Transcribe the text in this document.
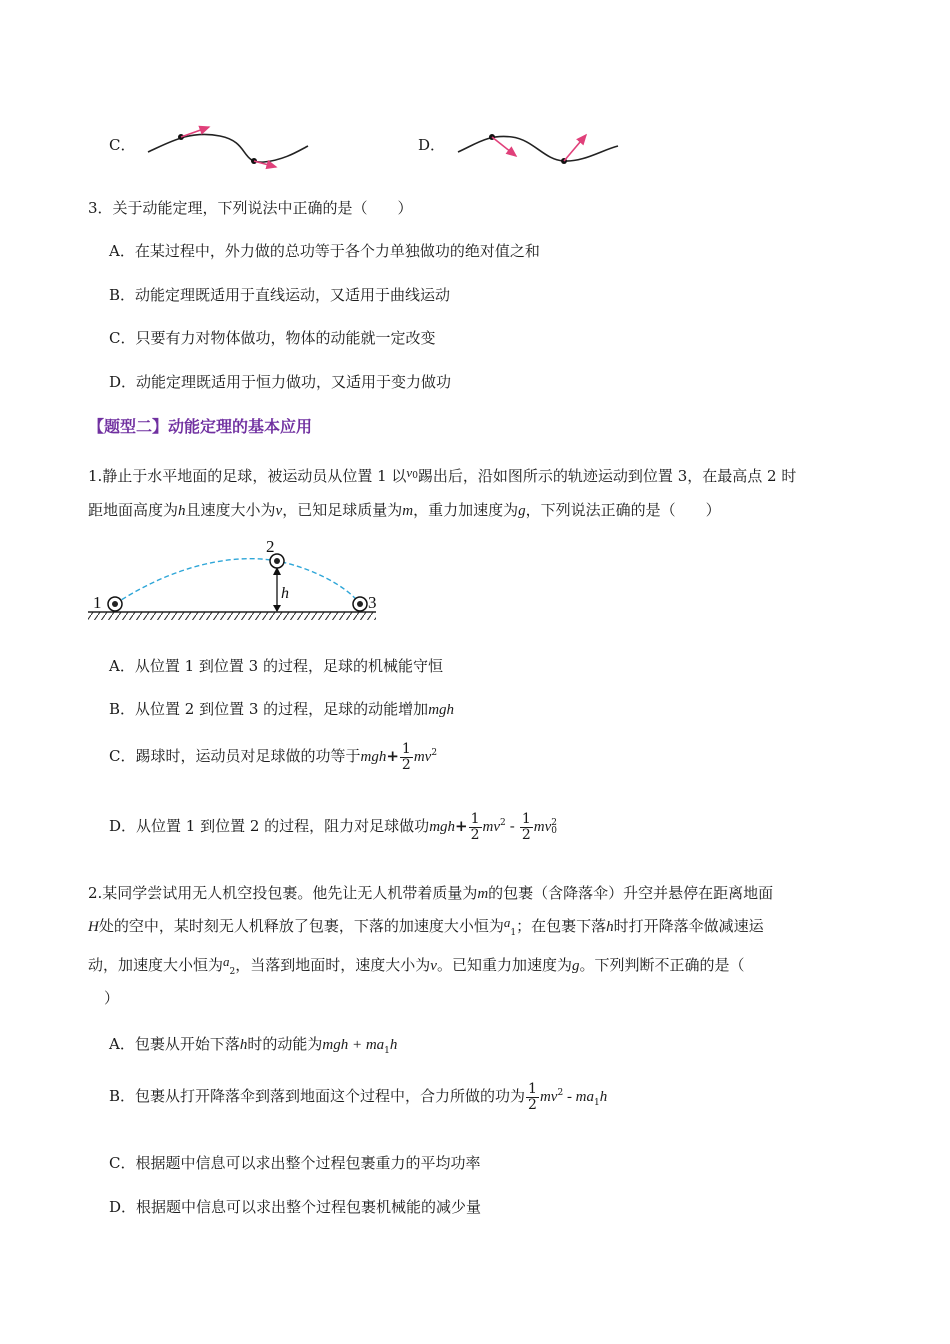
C．	D．
3．关于动能定理，下列说法中正确的是（　　）
A．在某过程中，外力做的总功等于各个力单独做功的绝对值之和
B．动能定理既适用于直线运动，又适用于曲线运动
C．只要有力对物体做功，物体的动能就一定改变
D．动能定理既适用于恒力做功，又适用于变力做功
【题型二】动能定理的基本应用
1.静止于水平地面的足球，被运动员从位置 1 以$v_0$踢出后，沿如图所示的轨迹运动到位置 3，在最高点 2 时
距地面高度为h且速度大小为v，已知足球质量为m，重力加速度为g，下列说法正确的是（　　）
1
2
3
h
A．从位置 1 到位置 3 的过程，足球的机械能守恒
B．从位置 2 到位置 3 的过程，足球的动能增加mgh
C．踢球时，运动员对足球做的功等于$mgh+ \frac{1}{2} mv^2$
D．从位置 1 到位置 2 的过程，阻力对足球做功$mgh+ \frac{1}{2} mv^2 - \frac{1}{2}$ mv 2
0
2.某同学尝试用无人机空投包裹。他先让无人机带着质量为m的包裹（含降落伞）升空并悬停在距离地面
H处的空中，某时刻无人机释放了包裹，下落的加速度大小恒为$a_1$；在包裹下落h时打开降落伞做减速运
动，加速度大小恒为$a_2$，当落到地面时，速度大小为v。已知重力加速度为g。下列判断不正确的是（
）
A．包裹从开始下落h时的动能为mgh + $ma_1h$
B．包裹从打开降落伞到落到地面这个过程中，合力所做的功为 $\frac{1}{2} mv^2 - ma_1h$
C．根据题中信息可以求出整个过程包裹重力的平均功率
D．根据题中信息可以求出整个过程包裹机械能的减少量
